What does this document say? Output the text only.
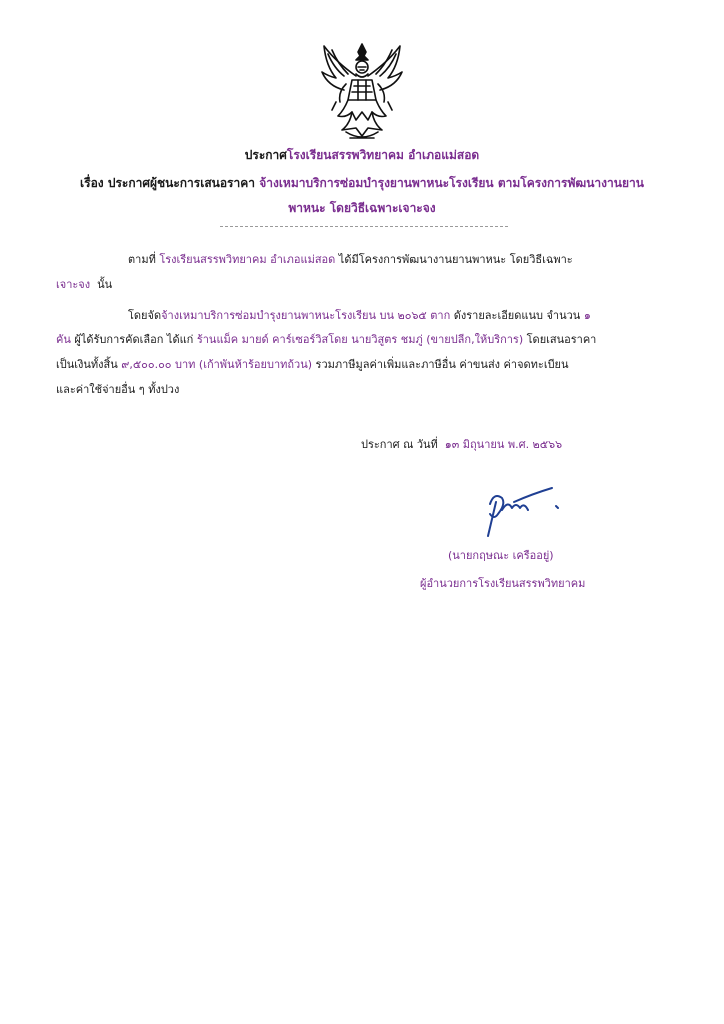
ประกาศโรงเรียนสรรพวิทยาคม อำเภอแม่สอด
เรื่อง ประกาศผู้ชนะการเสนอราคา จ้างเหมาบริการซ่อมบำรุงยานพาหนะโรงเรียน ตามโครงการพัฒนางานยาน
พาหนะ โดยวิธีเฉพาะเจาะจง
ตามที่ โรงเรียนสรรพวิทยาคม อำเภอแม่สอด ได้มีโครงการพัฒนางานยานพาหนะ โดยวิธีเฉพาะ
เจาะจง นั้น
โดยจัดจ้างเหมาบริการซ่อมบำรุงยานพาหนะโรงเรียน บน ๒๐๖๕ ตาก ดังรายละเอียดแนบ จำนวน ๑
คัน ผู้ได้รับการคัดเลือก ได้แก่ ร้านแม็ค มายด์ คาร์เซอร์วิสโดย นายวิสูตร ชมภู่ (ขายปลีก,ให้บริการ) โดยเสนอราคา
เป็นเงินทั้งสิ้น ๙,๕๐๐.๐๐ บาท (เก้าพันห้าร้อยบาทถ้วน) รวมภาษีมูลค่าเพิ่มและภาษีอื่น ค่าขนส่ง ค่าจดทะเบียน
และค่าใช้จ่ายอื่น ๆ ทั้งปวง
ประกาศ ณ วันที่ ๑๓ มิถุนายน พ.ศ. ๒๕๖๖
(นายกฤษณะ เครืออยู่)
ผู้อำนวยการโรงเรียนสรรพวิทยาคม
